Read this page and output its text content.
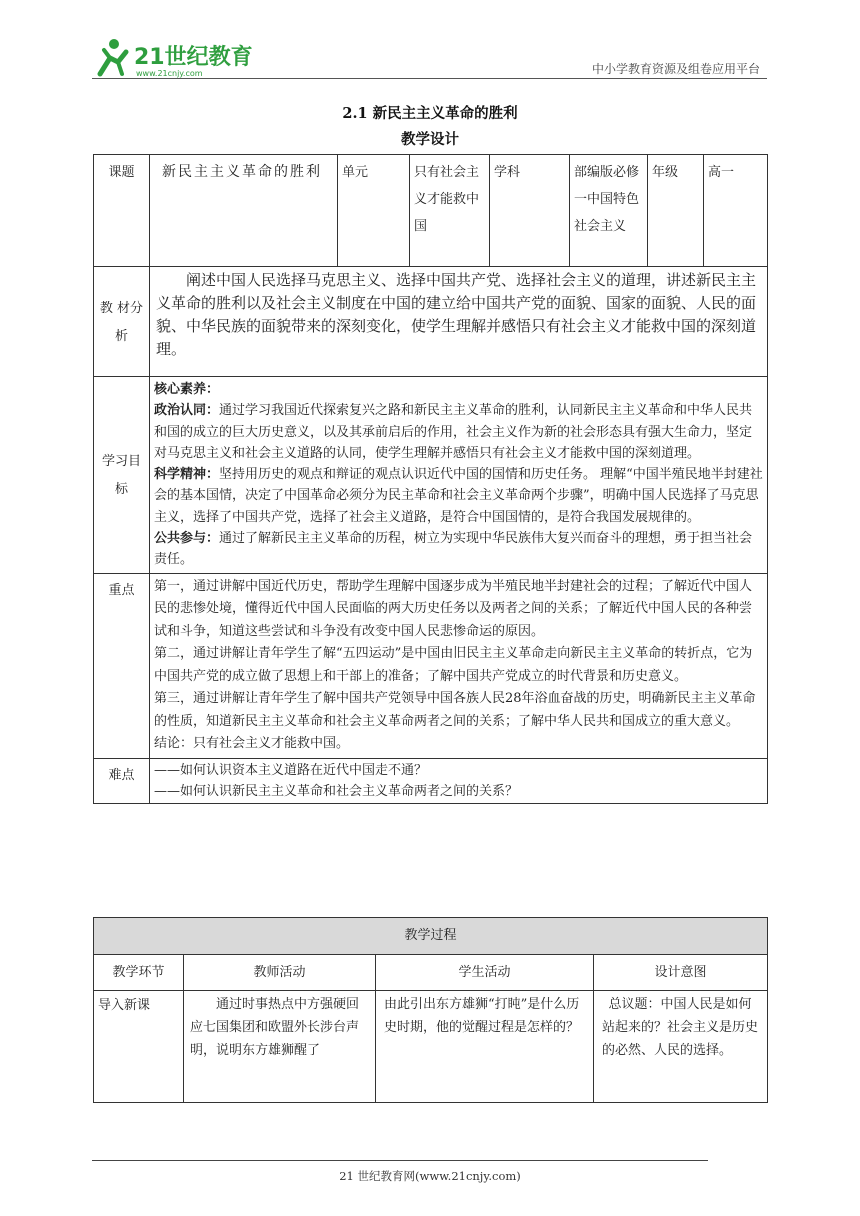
21世纪教育
www.21cnjy.com	中小学教育资源及组卷应用平台
2.1 新民主主义革命的胜利
教学设计
课题	新民主主义革命的胜利	单元	只有社会主义才能救中国	学科	部编版必修一中国特色社会主义	年级	高一
教 材分析	阐述中国人民选择马克思主义、选择中国共产党、选择社会主义的道理，讲述新民主主义革命的胜利以及社会主义制度在中国的建立给中国共产党的面貌、国家的面貌、人民的面貌、中华民族的面貌带来的深刻变化，使学生理解并感悟只有社会主义才能救中国的深刻道理。						
学习目标	核心素养：

政治认同：通过学习我国近代探索复兴之路和新民主主义革命的胜利，认同新民主主义革命和中华人民共和国的成立的巨大历史意义，以及其承前启后的作用，社会主义作为新的社会形态具有强大生命力，坚定对马克思主义和社会主义道路的认同，使学生理解并感悟只有社会主义才能救中国的深刻道理。

科学精神：坚持用历史的观点和辩证的观点认识近代中国的国情和历史任务。 理解“中国半殖民地半封建社会的基本国情，决定了中国革命必须分为民主革命和社会主义革命两个步骤”，明确中国人民选择了马克思主义，选择了中国共产党，选择了社会主义道路，是符合中国国情的，是符合我国发展规律的。

公共参与：通过了解新民主主义革命的历程，树立为实现中华民族伟大复兴而奋斗的理想，勇于担当社会责任。						

重点	第一，通过讲解中国近代历史，帮助学生理解中国逐步成为半殖民地半封建社会的过程；了解近代中国人民的悲惨处境，懂得近代中国人民面临的两大历史任务以及两者之间的关系；了解近代中国人民的各种尝试和斗争，知道这些尝试和斗争没有改变中国人民悲惨命运的原因。

第二，通过讲解让青年学生了解“五四运动”是中国由旧民主主义革命走向新民主主义革命的转折点，它为中国共产党的成立做了思想上和干部上的准备；了解中国共产党成立的时代背景和历史意义。

第三，通过讲解让青年学生了解中国共产党领导中国各族人民28年浴血奋战的历史，明确新民主主义革命的性质，知道新民主主义革命和社会主义革命两者之间的关系；了解中华人民共和国成立的重大意义。

结论：只有社会主义才能救中国。						

难点	——如何认识资本主义道路在近代中国走不通？

——如何认识新民主主义革命和社会主义革命两者之间的关系？						

教学过程			
教学环节	教师活动	学生活动	设计意图
导入新课	通过时事热点中方强硬回应七国集团和欧盟外长涉台声明，说明东方雄狮醒了	由此引出东方雄狮“打盹”是什么历史时期，他的觉醒过程是怎样的？	总议题：中国人民是如何站起来的？社会主义是历史的必然、人民的选择。
21 世纪教育网(www.21cnjy.com)
